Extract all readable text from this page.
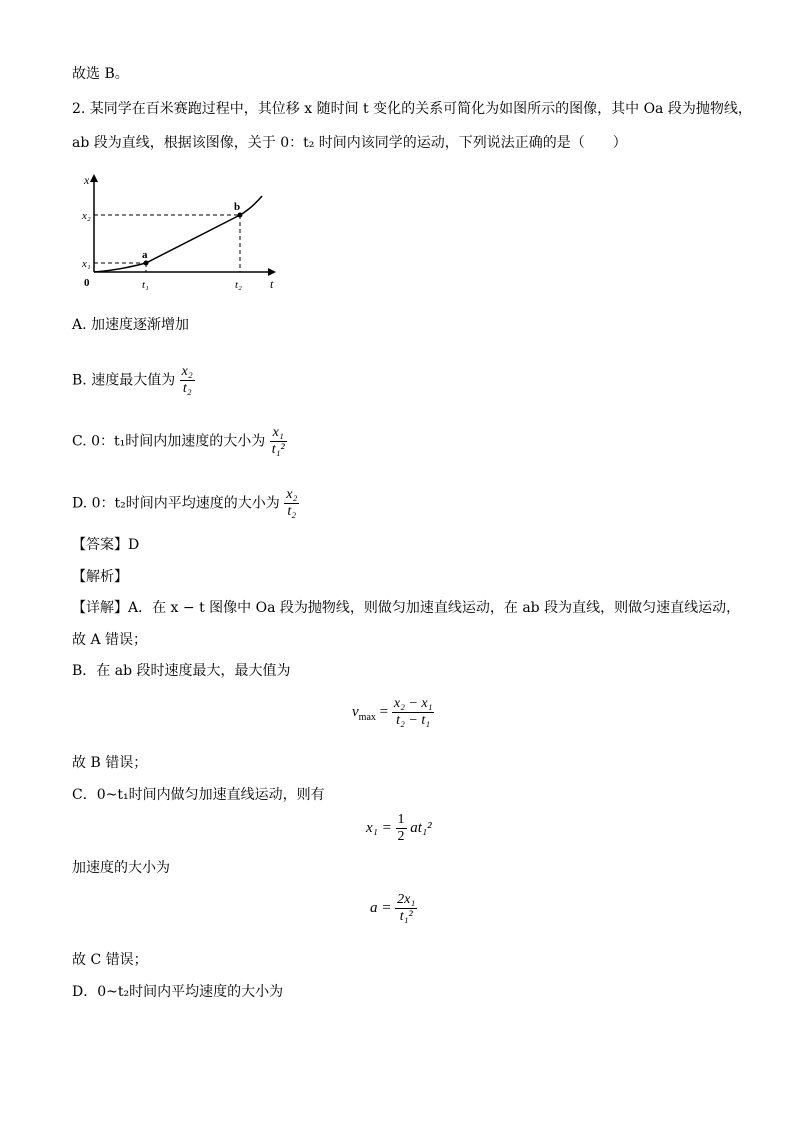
故选 B。
2. 某同学在百米赛跑过程中，其位移 x 随时间 t 变化的关系可简化为如图所示的图像，其中 Oa 段为抛物线，
ab 段为直线，根据该图像，关于 0：t₂ 时间内该同学的运动，下列说法正确的是（　　）
x
t
0
x₂
x₁
t₁	t₂
a
b
A. 加速度逐渐增加
B. 速度最大值为 $\frac{\text{x₂}}{\text{t₂}}$
C. 0：t₁时间内加速度的大小为 $\frac{\text{x₁}}{\text{t₁²}}$
D. 0：t₂时间内平均速度的大小为 $\frac{\text{x₂}}{\text{t₂}}$
【答案】D
【解析】
【详解】A．在 x − t 图像中 Oa 段为抛物线，则做匀加速直线运动，在 ab 段为直线，则做匀速直线运动，
故 A 错误；
B．在 ab 段时速度最大，最大值为
$v_{max} = \frac{\text{x₂ − x₁}}{\text{t₂ − t₁}}$
故 B 错误；
C．0~t₁时间内做匀加速直线运动，则有
$x_1 = \frac{1}{2} at_1^2$
加速度的大小为
$a = \frac{\text{2x₁}}{\text{t₁²}}$
故 C 错误；
D．0~t₂时间内平均速度的大小为
